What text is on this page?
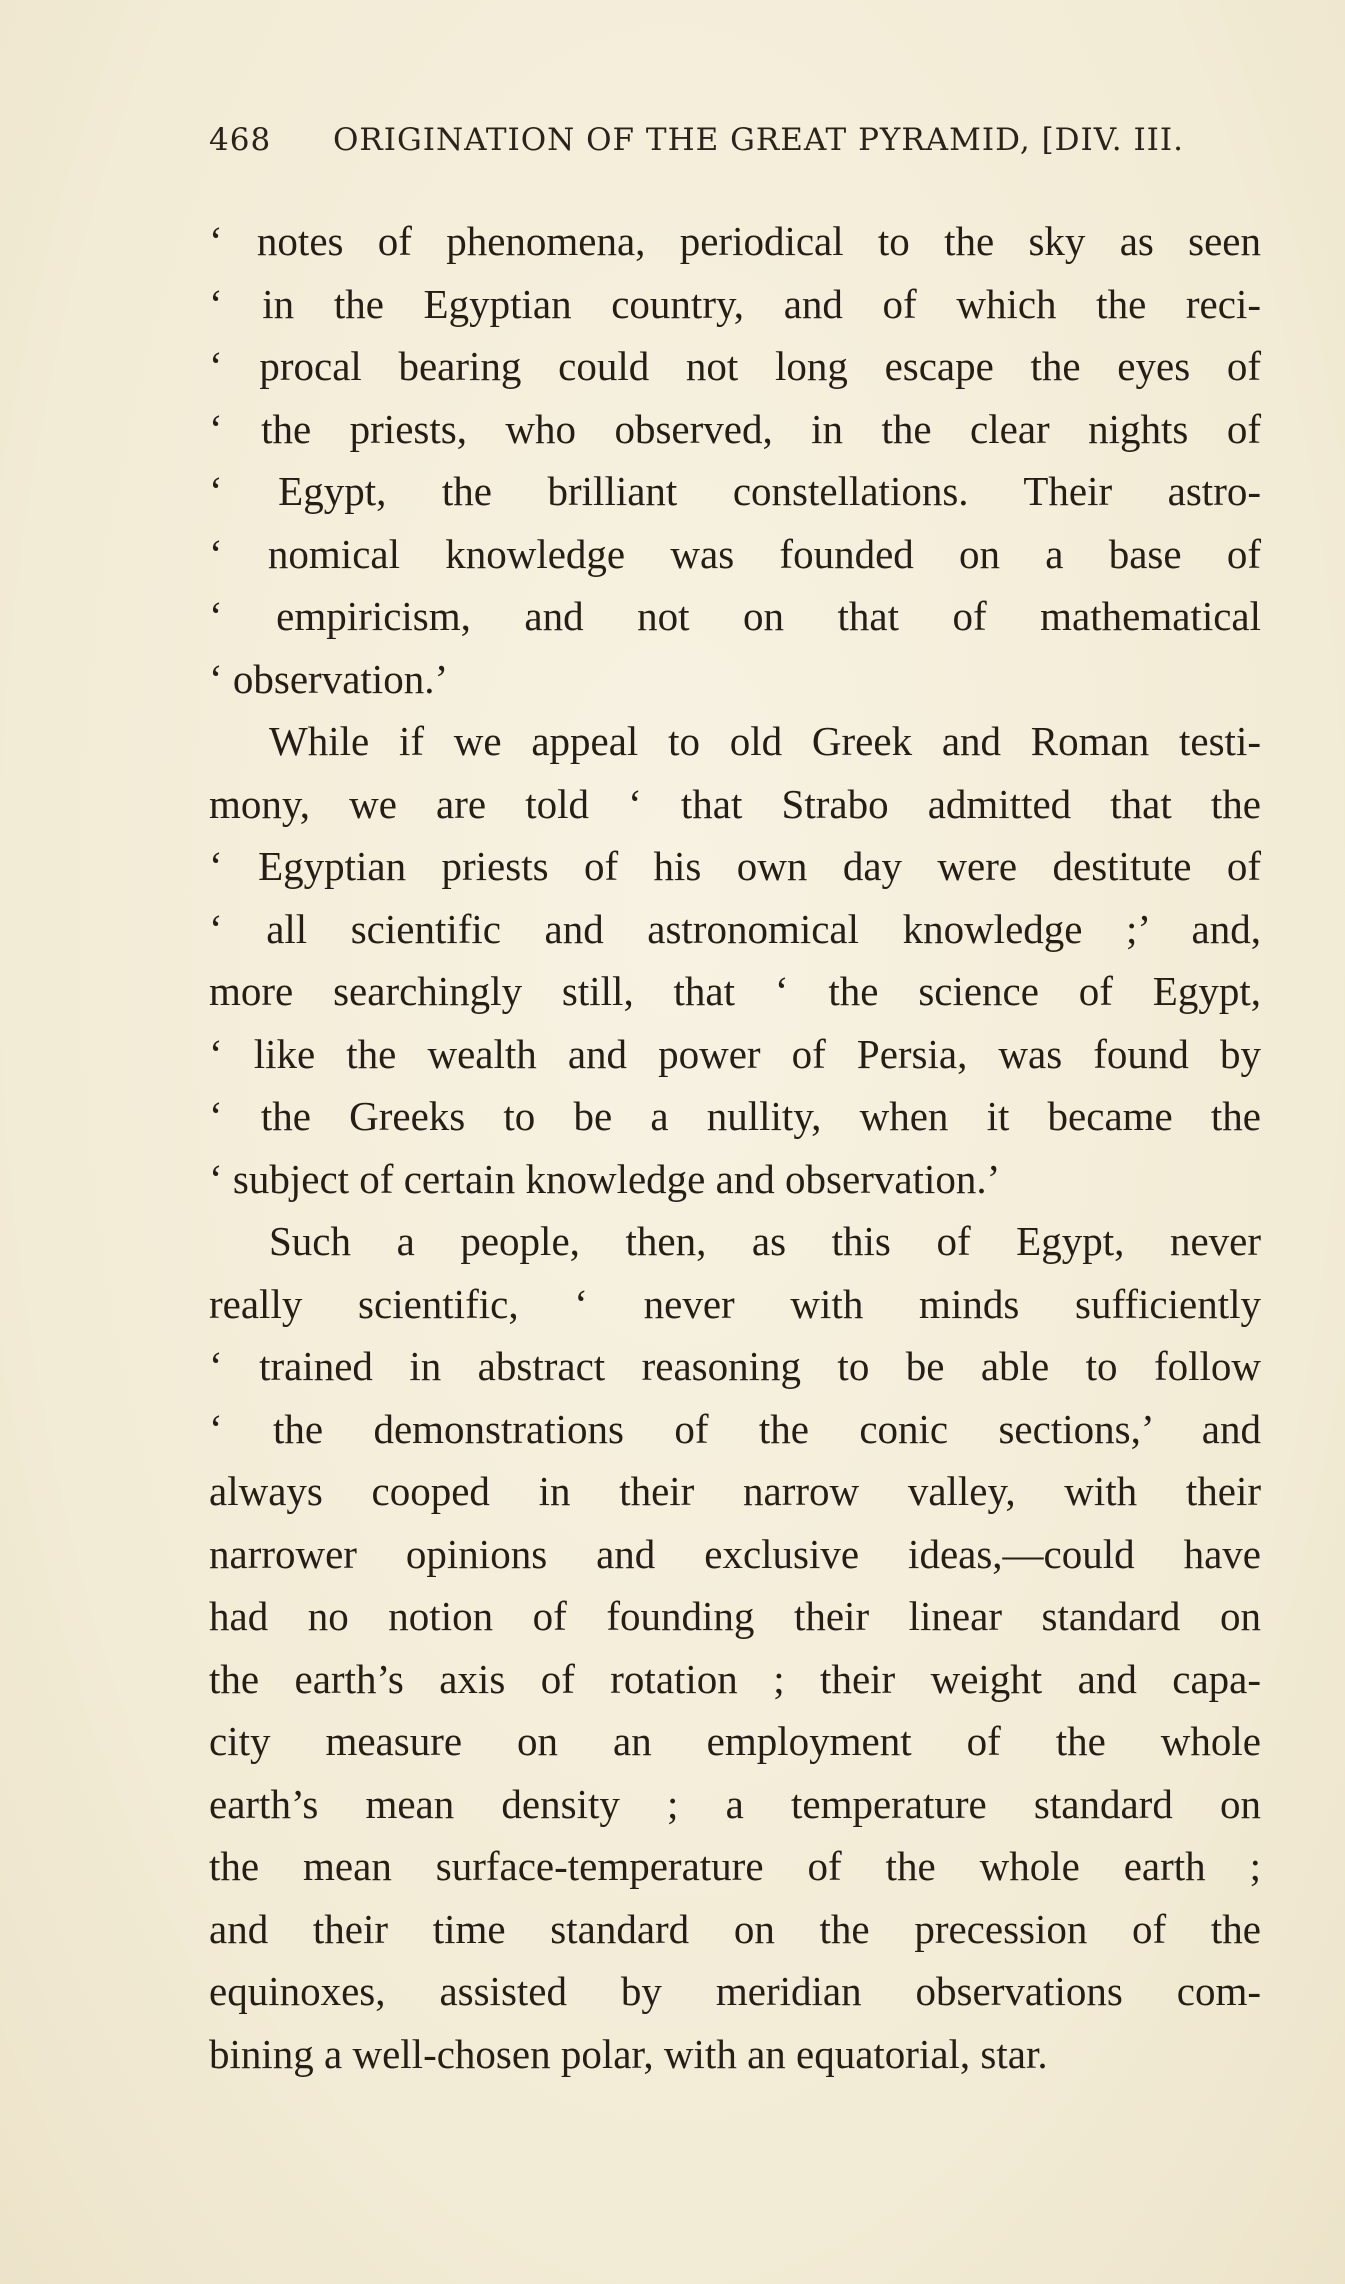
468 ORIGINATION OF THE GREAT PYRAMID, [DIV. III.
‘ notes of phenomena, periodical to the sky as seen
‘ in the Egyptian country, and of which the reci-
‘ procal bearing could not long escape the eyes of
‘ the priests, who observed, in the clear nights of
‘ Egypt, the brilliant constellations. Their astro-
‘ nomical knowledge was founded on a base of
‘ empiricism, and not on that of mathematical
‘ observation.’
While if we appeal to old Greek and Roman testi-
mony, we are told ‘ that Strabo admitted that the
‘ Egyptian priests of his own day were destitute of
‘ all scientific and astronomical knowledge ;’ and,
more searchingly still, that ‘ the science of Egypt,
‘ like the wealth and power of Persia, was found by
‘ the Greeks to be a nullity, when it became the
‘ subject of certain knowledge and observation.’
Such a people, then, as this of Egypt, never
really scientific, ‘ never with minds sufficiently
‘ trained in abstract reasoning to be able to follow
‘ the demonstrations of the conic sections,’ and
always cooped in their narrow valley, with their
narrower opinions and exclusive ideas,—could have
had no notion of founding their linear standard on
the earth’s axis of rotation ; their weight and capa-
city measure on an employment of the whole
earth’s mean density ; a temperature standard on
the mean surface-temperature of the whole earth ;
and their time standard on the precession of the
equinoxes, assisted by meridian observations com-
bining a well-chosen polar, with an equatorial, star.
